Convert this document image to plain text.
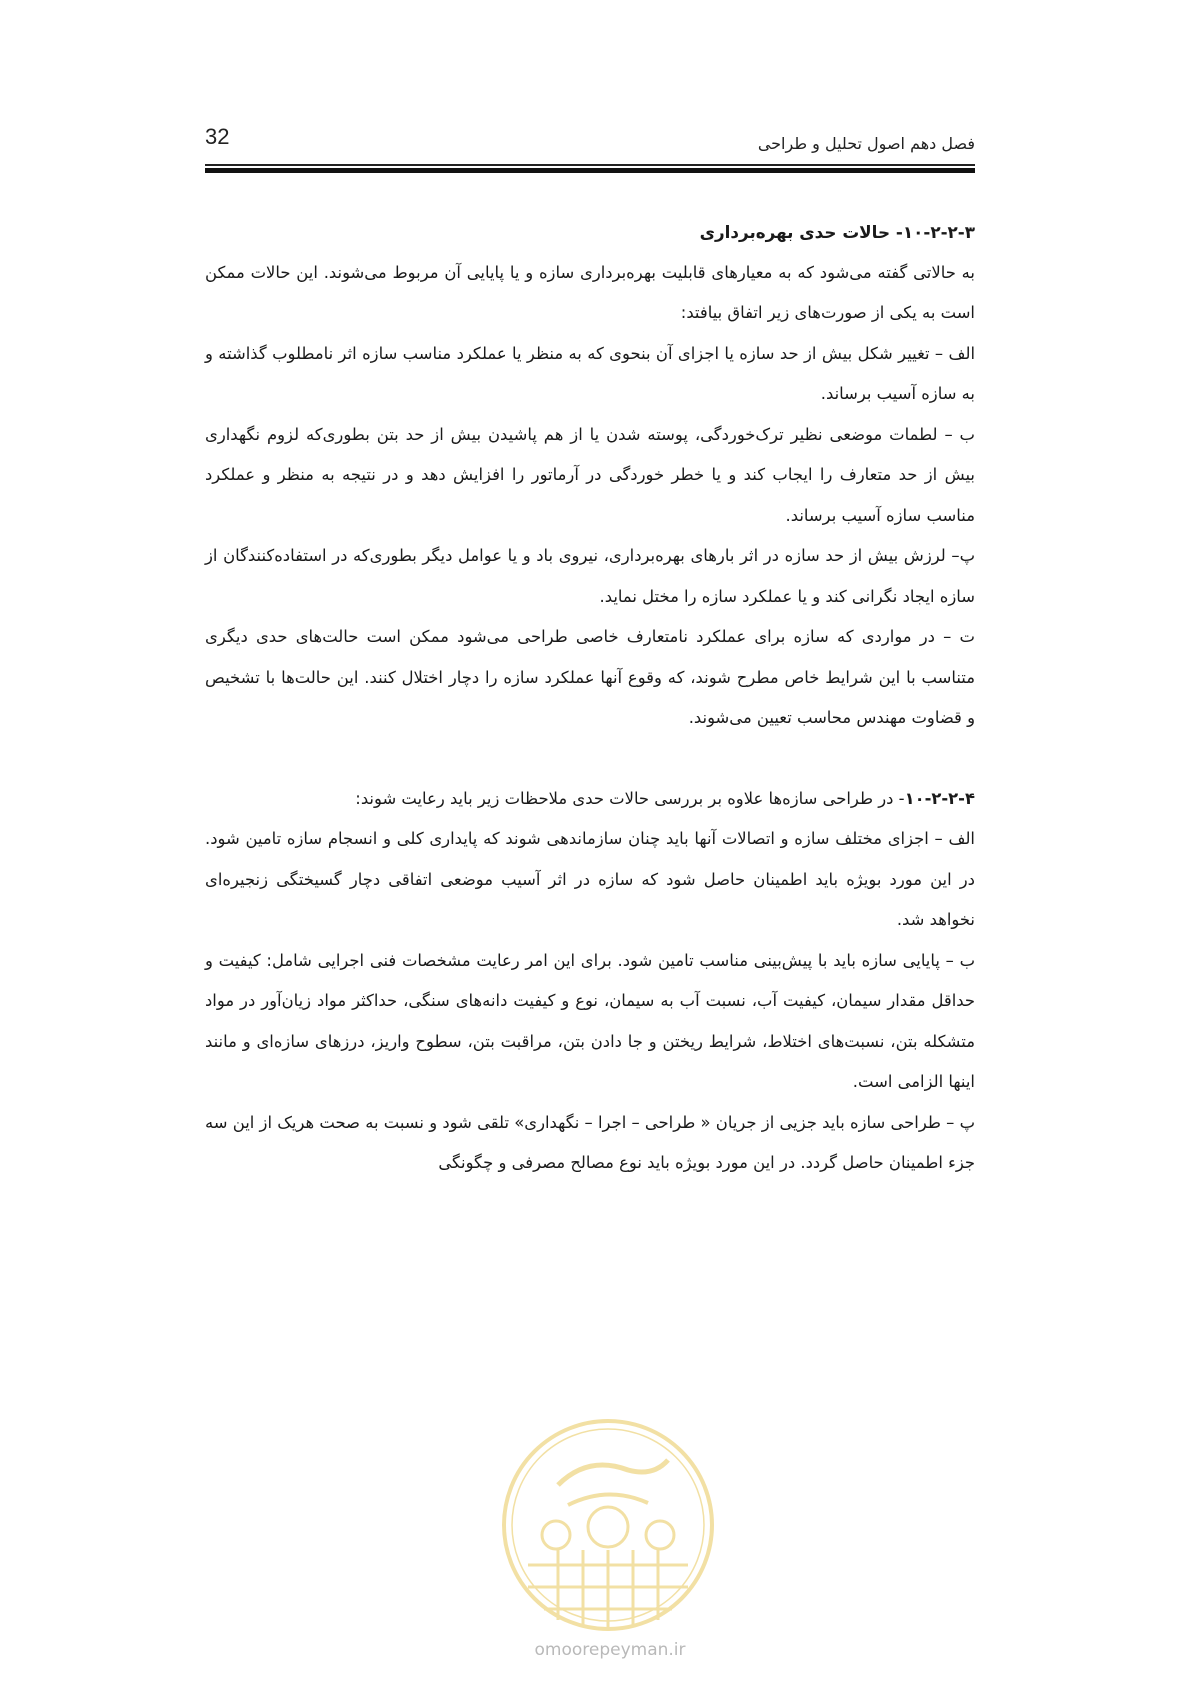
فصل دهم اصول تحلیل و طراحی
32

۱۰-۲-۲-۳- حالات حدی بهره‌برداری

به حالاتی گفته می‌شود که به معیارهای قابلیت بهره‌برداری سازه و یا پایایی آن مربوط می‌شوند. این حالات ممکن است به یکی از صورت‌های زیر اتفاق بیافتد:

الف – تغییر شکل بیش از حد سازه یا اجزای آن بنحوی که به منظر یا عملکرد مناسب سازه اثر نامطلوب گذاشته و به سازه آسیب برساند.

ب – لطمات موضعی نظیر ترک‌خوردگی، پوسته شدن یا از هم پاشیدن بیش از حد بتن بطوری‌که لزوم نگهداری بیش از حد متعارف را ایجاب کند و یا خطر خوردگی در آرماتور را افزایش دهد و در نتیجه به منظر و عملکرد مناسب سازه آسیب برساند.

پ– لرزش بیش از حد سازه در اثر بارهای بهره‌برداری، نیروی باد و یا عوامل دیگر بطوری‌که در استفاده‌کنندگان از سازه ایجاد نگرانی کند و یا عملکرد سازه را مختل نماید.

ت – در مواردی که سازه برای عملکرد نامتعارف خاصی طراحی می‌شود ممکن است حالت‌های حدی دیگری متناسب با این شرایط خاص مطرح شوند، که وقوع آنها عملکرد سازه را دچار اختلال کنند. این حالت‌ها با تشخیص و قضاوت مهندس محاسب تعیین می‌شوند.

۱۰-۲-۲-۴- در طراحی سازه‌ها علاوه بر بررسی حالات حدی ملاحظات زیر باید رعایت شوند:

الف – اجزای مختلف سازه و اتصالات آنها باید چنان سازماندهی شوند که پایداری کلی و انسجام سازه تامین شود. در این مورد بویژه باید اطمینان حاصل شود که سازه در اثر آسیب موضعی اتفاقی دچار گسیختگی زنجیره‌ای نخواهد شد.

ب – پایایی سازه باید با پیش‌بینی مناسب تامین شود. برای این امر رعایت مشخصات فنی اجرایی شامل: کیفیت و حداقل مقدار سیمان، کیفیت آب، نسبت آب به سیمان، نوع و کیفیت دانه‌های سنگی، حداکثر مواد زیان‌آور در مواد متشکله بتن، نسبت‌های اختلاط، شرایط ریختن و جا دادن بتن، مراقبت بتن، سطوح واریز، درزهای سازه‌ای و مانند اینها الزامی است.

پ – طراحی سازه باید جزیی از جریان « طراحی – اجرا – نگهداری» تلقی شود و نسبت به صحت هریک از این سه جزء اطمینان حاصل گردد. در این مورد بویژه باید نوع مصالح مصرفی و چگونگی

omoorepeyman.ir
